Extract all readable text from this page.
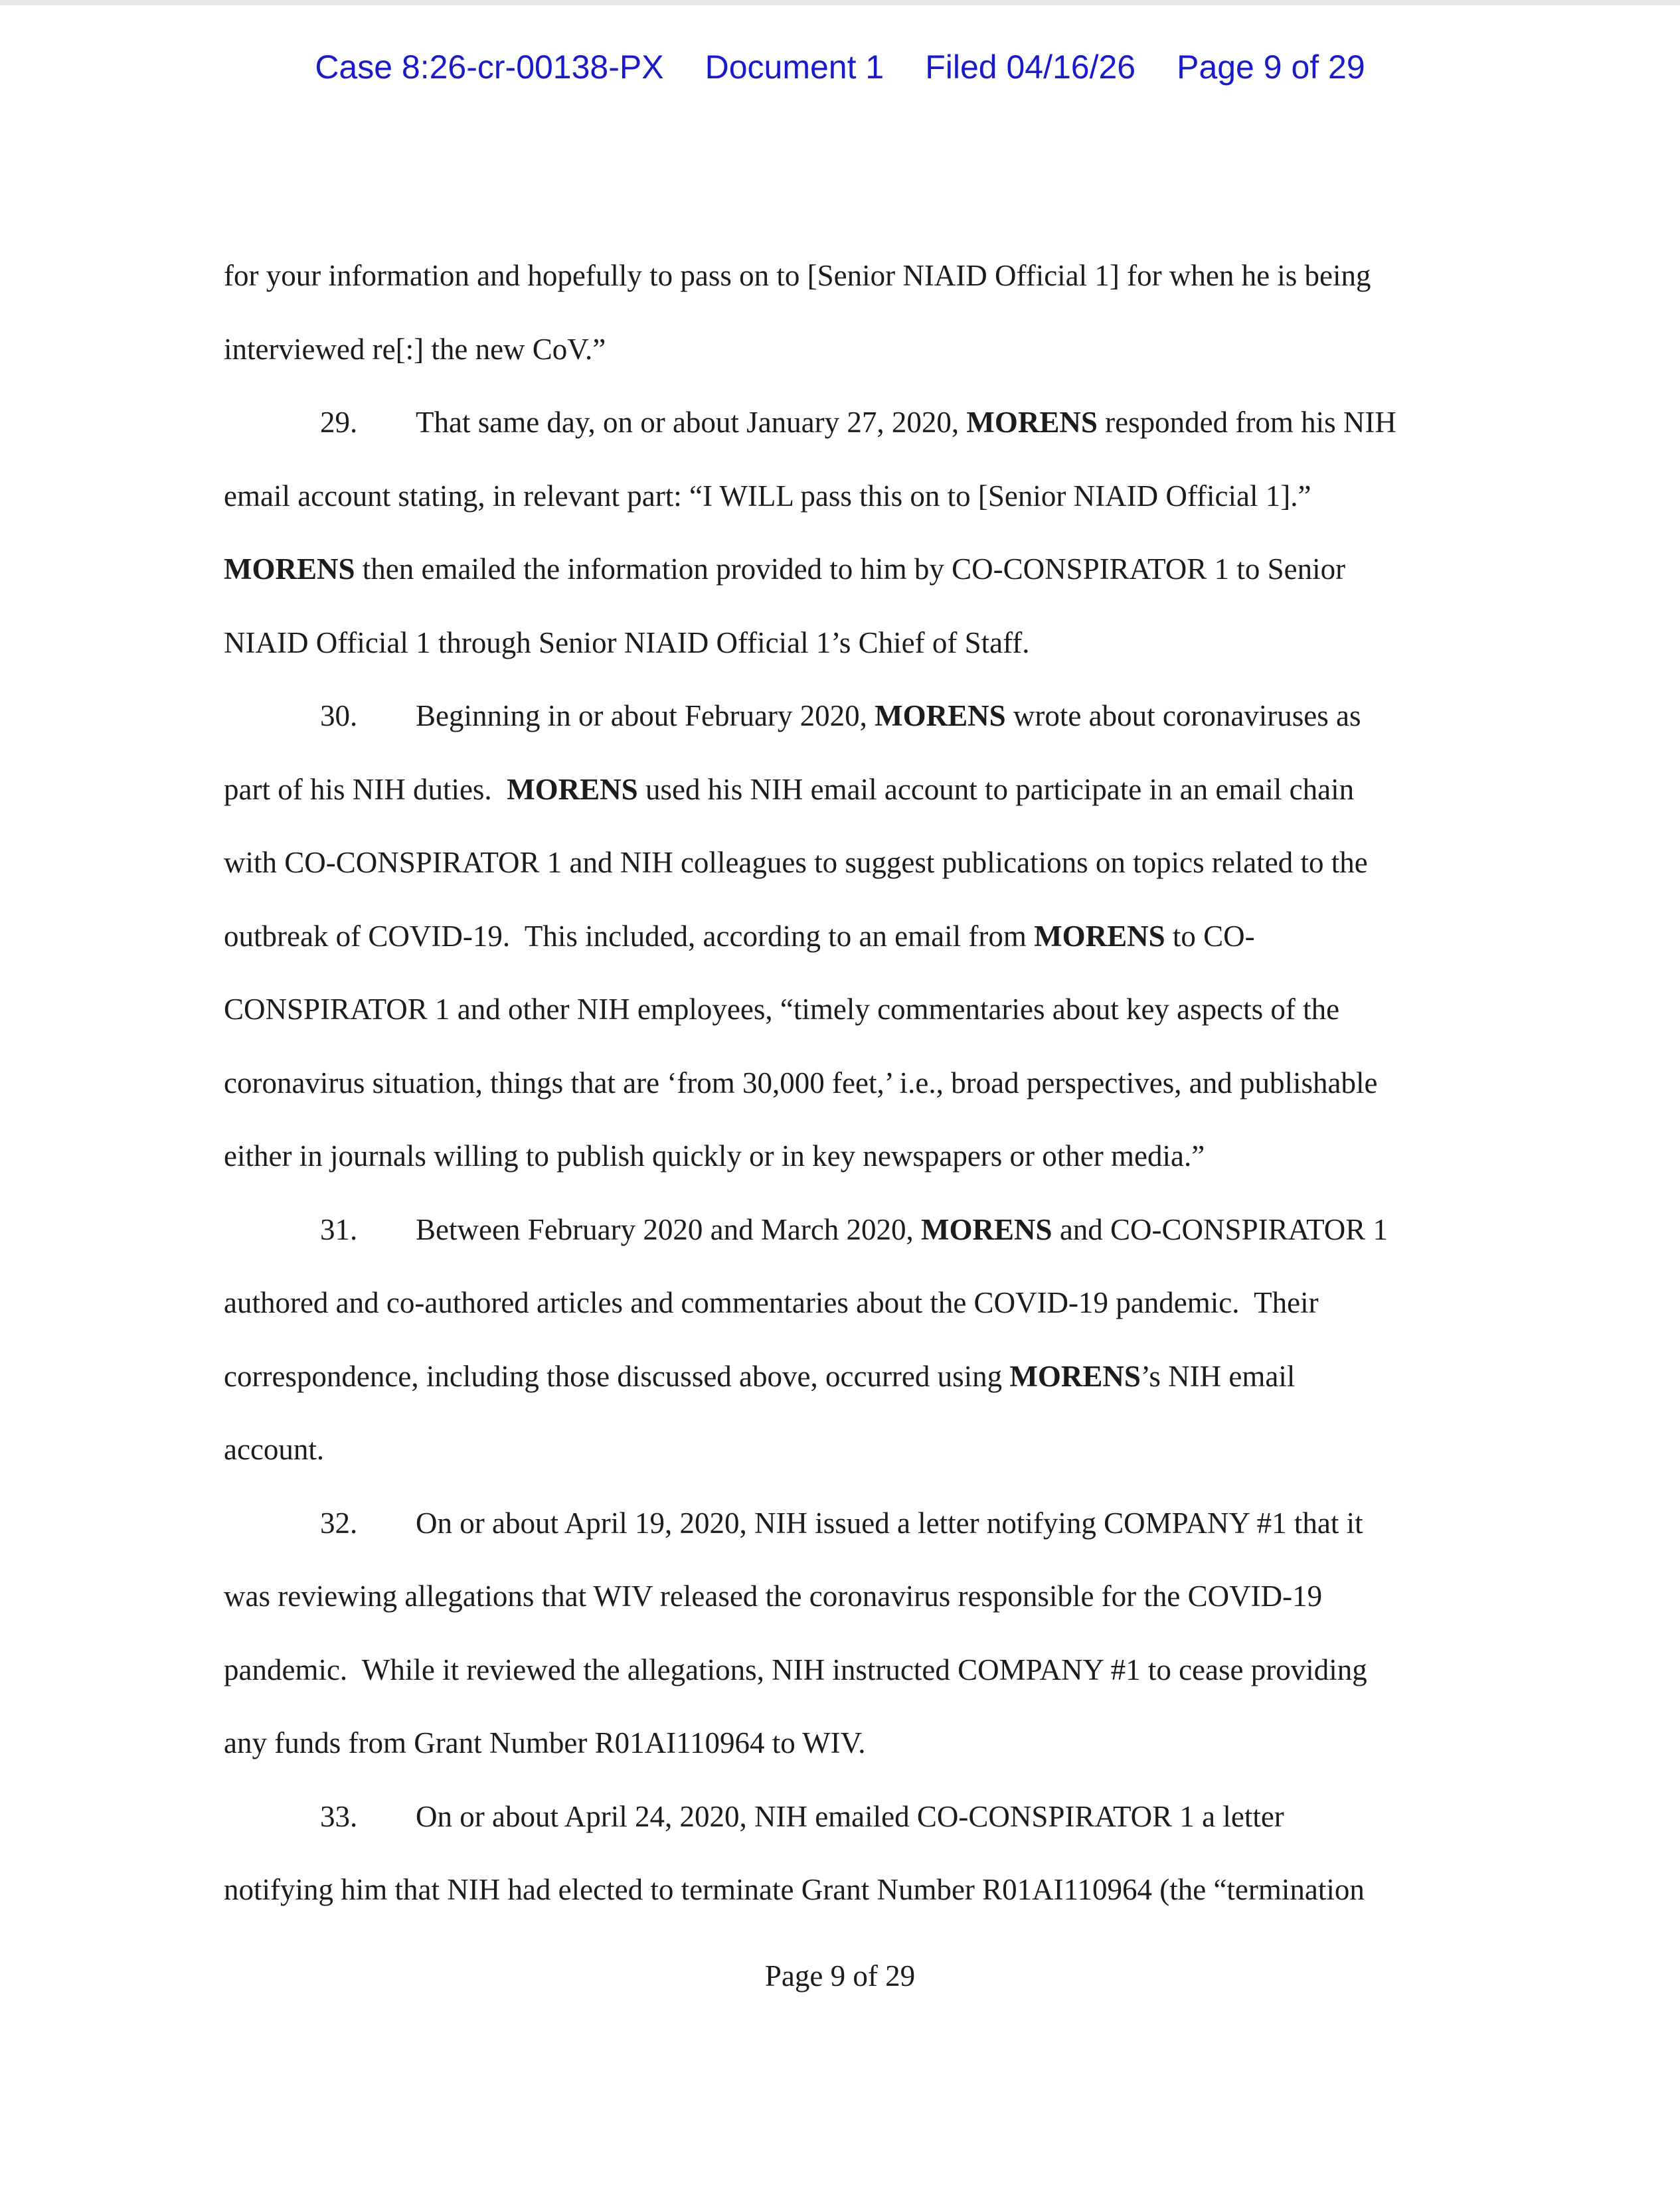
Case 8:26-cr-00138-PX Document 1 Filed 04/16/26 Page 9 of 29
for your information and hopefully to pass on to [Senior NIAID Official 1] for when he is being
interviewed re[:] the new CoV.”
29. That same day, on or about January 27, 2020, MORENS responded from his NIH
email account stating, in relevant part: “I WILL pass this on to [Senior NIAID Official 1].”
MORENS then emailed the information provided to him by CO-CONSPIRATOR 1 to Senior
NIAID Official 1 through Senior NIAID Official 1’s Chief of Staff.
30. Beginning in or about February 2020, MORENS wrote about coronaviruses as
part of his NIH duties.  MORENS used his NIH email account to participate in an email chain
with CO-CONSPIRATOR 1 and NIH colleagues to suggest publications on topics related to the
outbreak of COVID-19.  This included, according to an email from MORENS to CO-
CONSPIRATOR 1 and other NIH employees, “timely commentaries about key aspects of the
coronavirus situation, things that are ‘from 30,000 feet,’ i.e., broad perspectives, and publishable
either in journals willing to publish quickly or in key newspapers or other media.”
31. Between February 2020 and March 2020, MORENS and CO-CONSPIRATOR 1
authored and co-authored articles and commentaries about the COVID-19 pandemic.  Their
correspondence, including those discussed above, occurred using MORENS’s NIH email
account.
32. On or about April 19, 2020, NIH issued a letter notifying COMPANY #1 that it
was reviewing allegations that WIV released the coronavirus responsible for the COVID-19
pandemic.  While it reviewed the allegations, NIH instructed COMPANY #1 to cease providing
any funds from Grant Number R01AI110964 to WIV.
33. On or about April 24, 2020, NIH emailed CO-CONSPIRATOR 1 a letter
notifying him that NIH had elected to terminate Grant Number R01AI110964 (the “termination
Page 9 of 29
